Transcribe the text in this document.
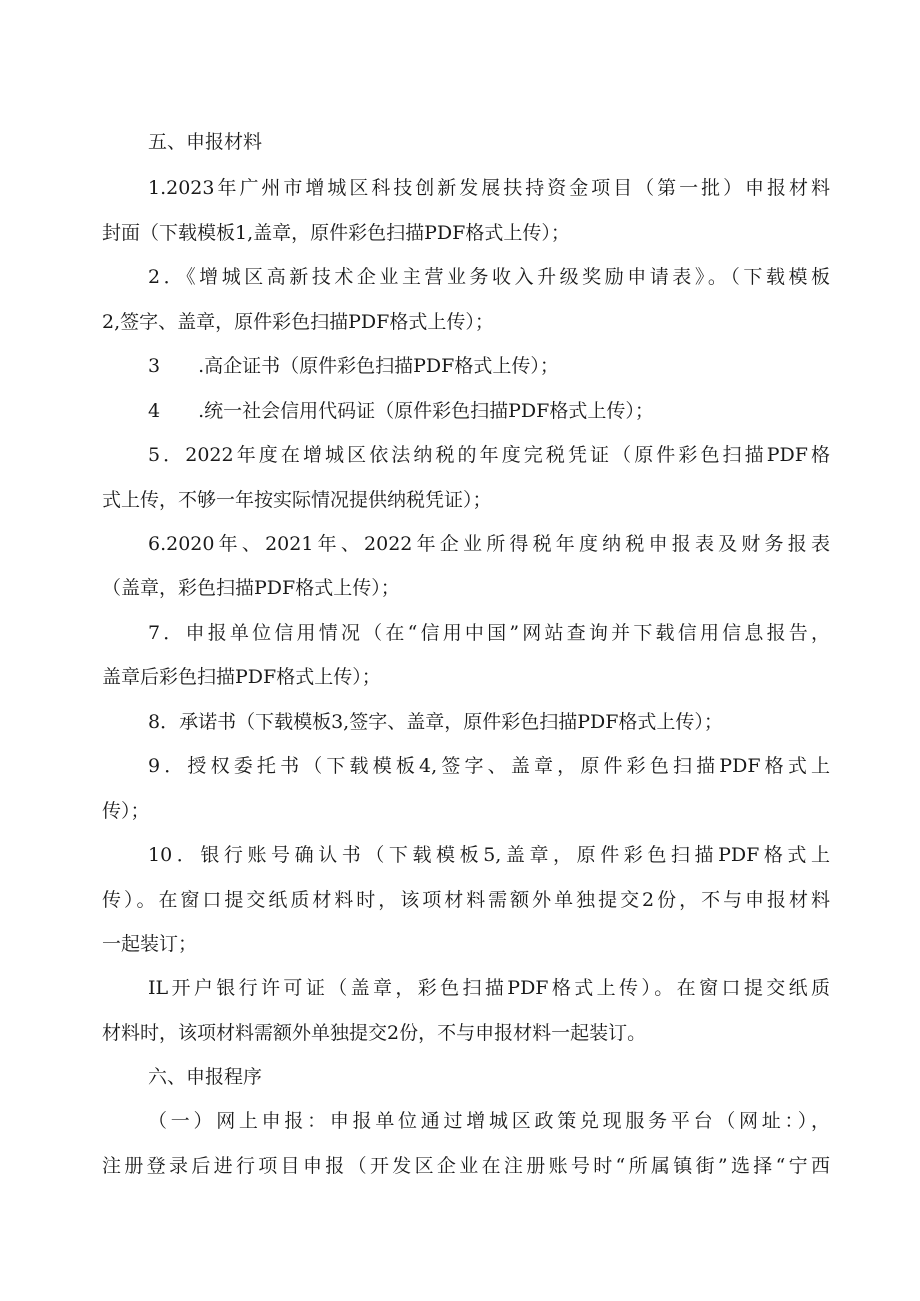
五、申报材料
1.2023年广州市增城区科技创新发展扶持资金项目（第一批）申报材料
封面（下载模板1,盖章，原件彩色扫描PDF格式上传）；
2．《增城区高新技术企业主营业务收入升级奖励申请表》。（下载模板
2,签字、盖章，原件彩色扫描PDF格式上传）；
3　　.高企证书（原件彩色扫描PDF格式上传）；
4　　.统一社会信用代码证（原件彩色扫描PDF格式上传）；
5．2022年度在增城区依法纳税的年度完税凭证（原件彩色扫描PDF格
式上传，不够一年按实际情况提供纳税凭证）；
6.2020年、2021年、2022年企业所得税年度纳税申报表及财务报表
（盖章，彩色扫描PDF格式上传）；
7．申报单位信用情况（在“信用中国”网站查询并下载信用信息报告，
盖章后彩色扫描PDF格式上传）；
8．承诺书（下载模板3,签字、盖章，原件彩色扫描PDF格式上传）；
9．授权委托书（下载模板4,签字、盖章，原件彩色扫描PDF格式上
传）；
10．银行账号确认书（下载模板5,盖章，原件彩色扫描PDF格式上
传）。在窗口提交纸质材料时，该项材料需额外单独提交2份，不与申报材料
一起装订；
IL开户银行许可证（盖章，彩色扫描PDF格式上传）。在窗口提交纸质
材料时，该项材料需额外单独提交2份，不与申报材料一起装订。
六、申报程序
（一）网上申报：申报单位通过增城区政策兑现服务平台（网址：），
注册登录后进行项目申报（开发区企业在注册账号时“所属镇街”选择“宁西
